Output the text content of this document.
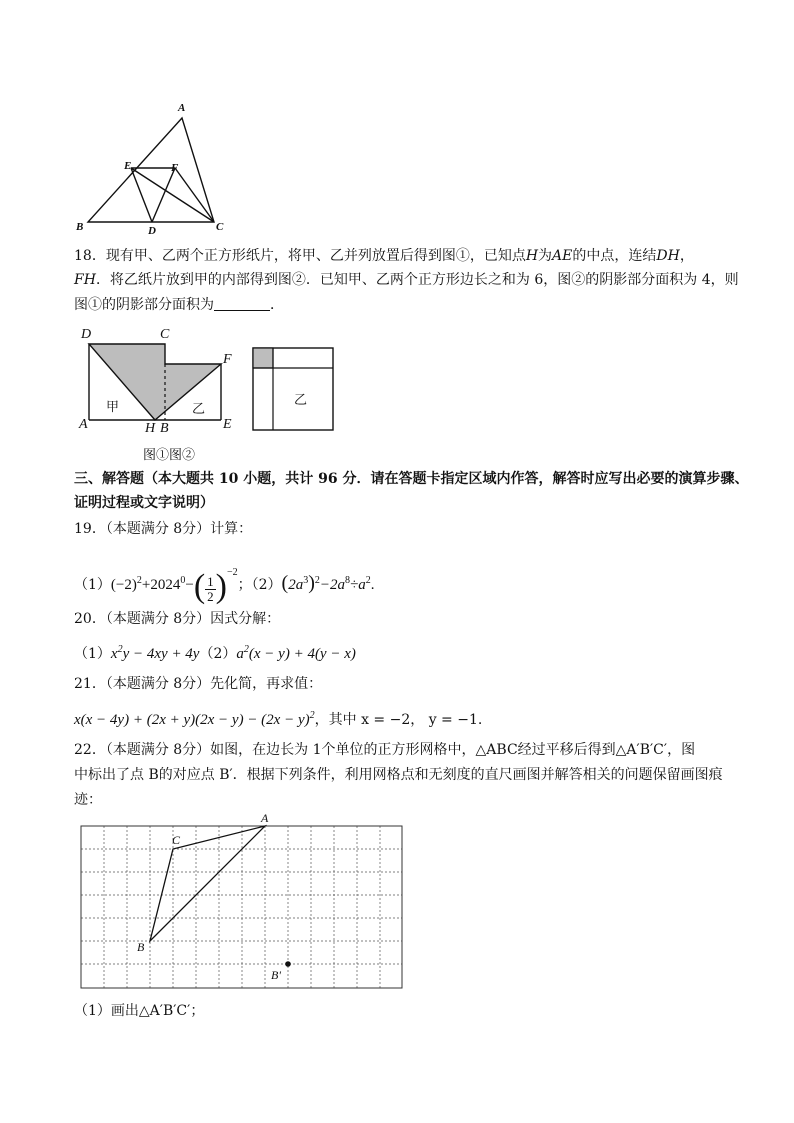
A
E	F
B	D	C
18．现有甲、乙两个正方形纸片，将甲、乙并列放置后得到图①，已知点H为AE的中点，连结DH，
FH．将乙纸片放到甲的内部得到图②．已知甲、乙两个正方形边长之和为 6，图②的阴影部分面积为 4，则
图①的阴影部分面积为	．
D	C
F
A	H B	E
甲	乙
乙
图①图②
三、解答题（本大题共 10 小题，共计 96 分．请在答题卡指定区域内作答，解答时应写出必要的演算步骤、
证明过程或文字说明）
19．（本题满分 8分）计算：
$(1)(-2)^2+2024^0-( \frac{1}{2} )^{-2}$；$(2)(2a^3)^2-2a^8\div a^2$.
20．（本题满分 8分）因式分解：
$(1)x^2y - 4xy + 4y(2)a^2(x - y) + 4(y - x)$
21．（本题满分 8分）先化简，再求值：
$x(x - 4y) + (2x + y)(2x - y) - (2x - y)^2$，其中 x = −2， y = −1.
22．（本题满分 8分）如图，在边长为 1个单位的正方形网格中，△ABC经过平移后得到△A′B′C′，图
中标出了点 B的对应点 B′．根据下列条件，利用网格点和无刻度的直尺画图并解答相关的问题保留画图痕
迹：
A
C
B
B'
（1）画出△A′B′C′；
